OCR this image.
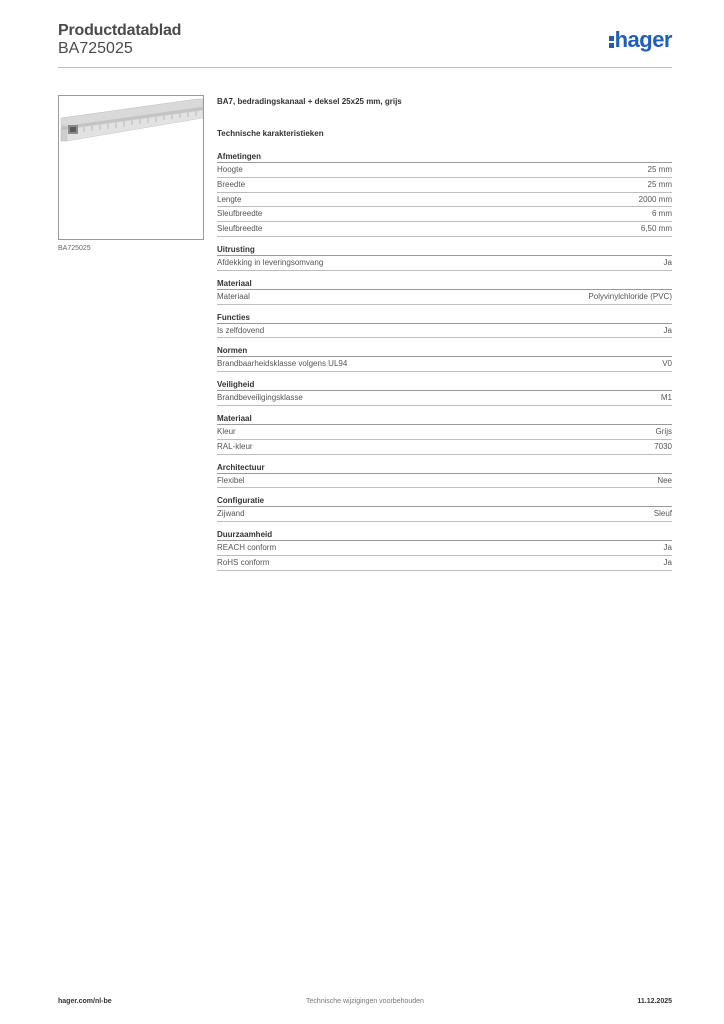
Productdatablad
BA725025	hager
BA725025
BA7, bedradingskanaal + deksel 25x25 mm, grijs
Technische karakteristieken
Afmetingen
Hoogte	25 mm
Breedte	25 mm
Lengte	2000 mm
Sleufbreedte	6 mm
Sleufbreedte	6,50 mm
Uitrusting
Afdekking in leveringsomvang	Ja
Materiaal
Materiaal	Polyvinylchloride (PVC)
Functies
Is zelfdovend	Ja
Normen
Brandbaarheidsklasse volgens UL94	V0
Veiligheid
Brandbeveiligingsklasse	M1
Materiaal
Kleur	Grijs
RAL-kleur	7030
Architectuur
Flexibel	Nee
Configuratie
Zijwand	Sleuf
Duurzaamheid
REACH conform	Ja
RoHS conform	Ja
hager.com/nl-be	Technische wijzigingen voorbehouden	11.12.2025
